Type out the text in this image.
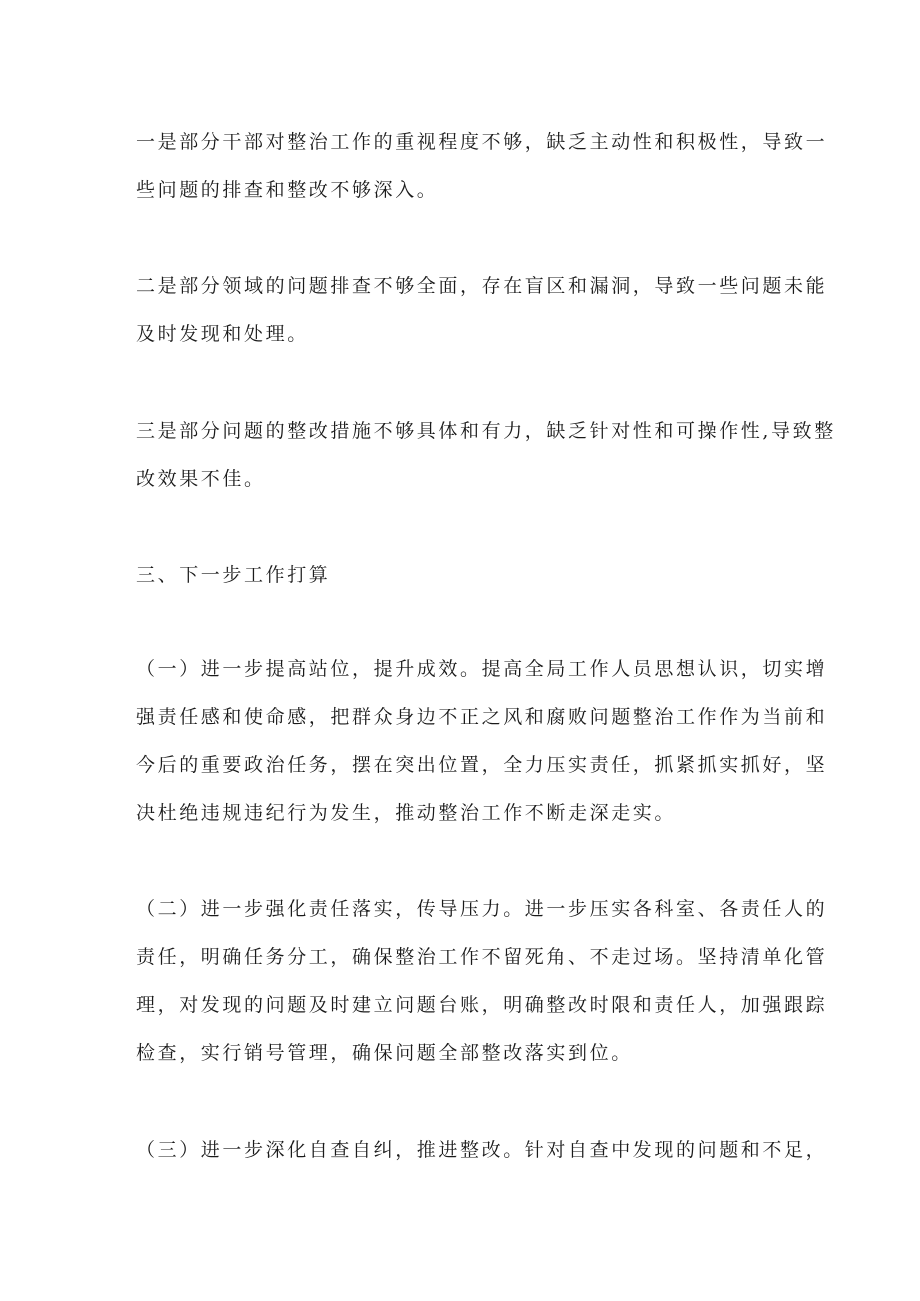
一是部分干部对整治工作的重视程度不够，缺乏主动性和积极性，导致一
些问题的排查和整改不够深入。
二是部分领域的问题排查不够全面，存在盲区和漏洞，导致一些问题未能
及时发现和处理。
三是部分问题的整改措施不够具体和有力，缺乏针对性和可操作性,导致整
改效果不佳。
三、下一步工作打算
（一）进一步提高站位，提升成效。提高全局工作人员思想认识，切实增
强责任感和使命感，把群众身边不正之风和腐败问题整治工作作为当前和
今后的重要政治任务，摆在突出位置，全力压实责任，抓紧抓实抓好，坚
决杜绝违规违纪行为发生，推动整治工作不断走深走实。
（二）进一步强化责任落实，传导压力。进一步压实各科室、各责任人的
责任，明确任务分工，确保整治工作不留死角、不走过场。坚持清单化管
理，对发现的问题及时建立问题台账，明确整改时限和责任人，加强跟踪
检查，实行销号管理，确保问题全部整改落实到位。
（三）进一步深化自查自纠，推进整改。针对自查中发现的问题和不足，
